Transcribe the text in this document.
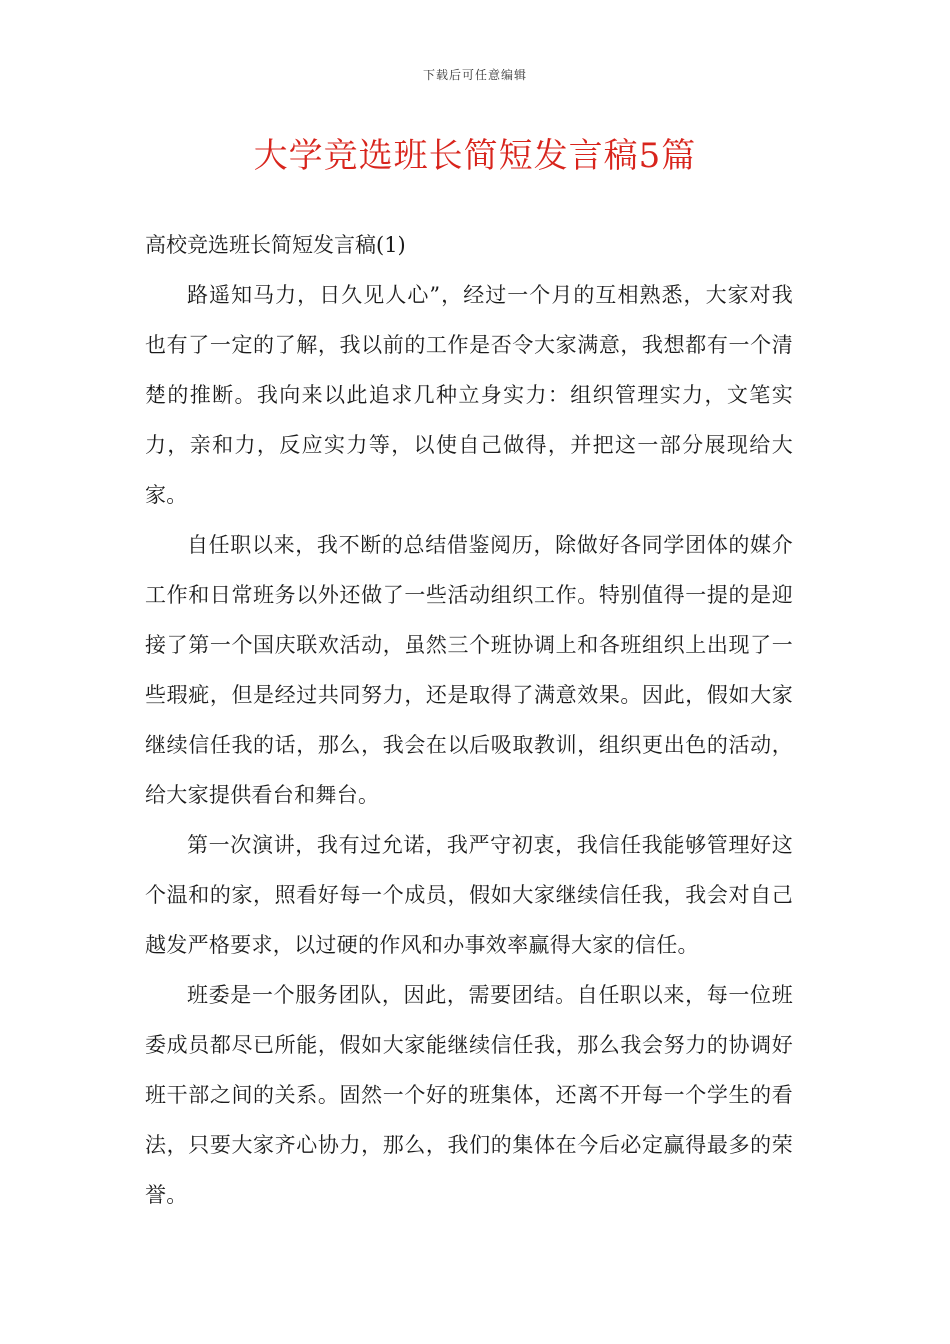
下载后可任意编辑
大学竞选班长简短发言稿5篇

高校竞选班长简短发言稿(1)

路遥知马力，日久见人心”，经过一个月的互相熟悉，大家对我也有了一定的了解，我以前的工作是否令大家满意，我想都有一个清楚的推断。我向来以此追求几种立身实力：组织管理实力，文笔实力，亲和力，反应实力等，以使自己做得，并把这一部分展现给大家。

自任职以来，我不断的总结借鉴阅历，除做好各同学团体的媒介工作和日常班务以外还做了一些活动组织工作。特别值得一提的是迎接了第一个国庆联欢活动，虽然三个班协调上和各班组织上出现了一些瑕疵，但是经过共同努力，还是取得了满意效果。因此，假如大家继续信任我的话，那么，我会在以后吸取教训，组织更出色的活动，给大家提供看台和舞台。

第一次演讲，我有过允诺，我严守初衷，我信任我能够管理好这个温和的家，照看好每一个成员，假如大家继续信任我，我会对自己越发严格要求，以过硬的作风和办事效率赢得大家的信任。

班委是一个服务团队，因此，需要团结。自任职以来，每一位班委成员都尽已所能，假如大家能继续信任我，那么我会努力的协调好班干部之间的关系。固然一个好的班集体，还离不开每一个学生的看法，只要大家齐心协力，那么，我们的集体在今后必定赢得最多的荣誉。
